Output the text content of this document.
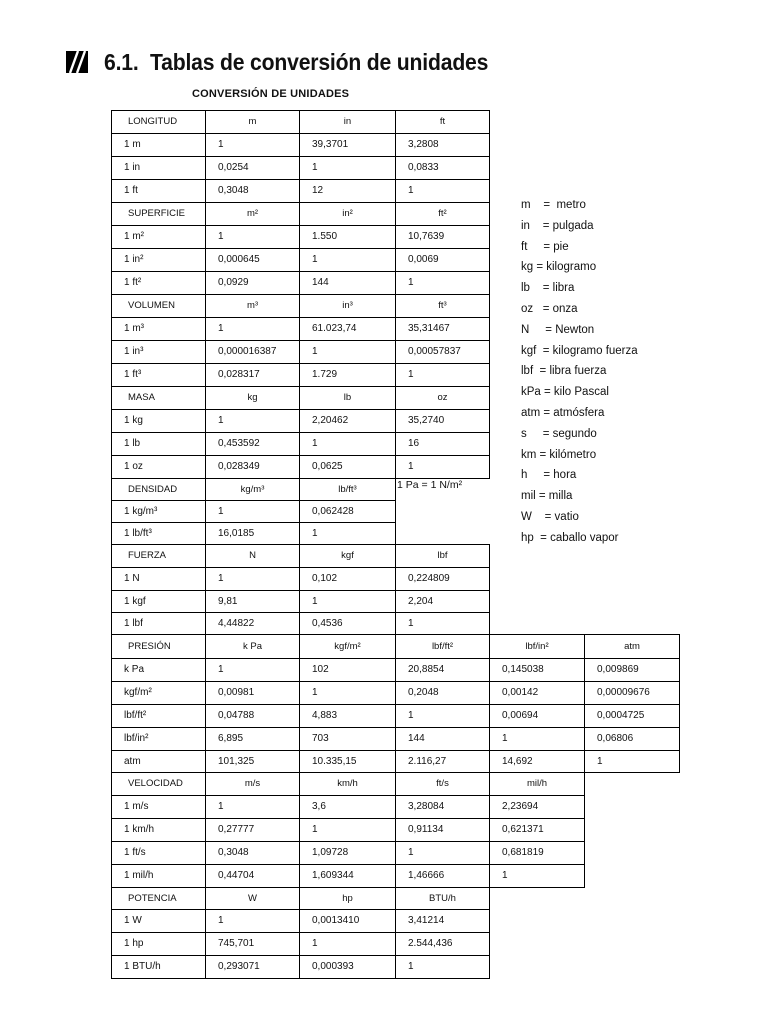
6.1. Tablas de conversión de unidades
CONVERSIÓN DE UNIDADES
LONGITUD	m	in	ft
1 m	1	39,3701	3,2808
1 in	0,0254	1	0,0833
1 ft	0,3048	12	1
SUPERFICIE	m²	in²	ft²
1 m²	1	1.550	10,7639
1 in²	0,000645	1	0,0069
1 ft²	0,0929	144	1
VOLUMEN	m³	in³	ft³
1 m³	1	61.023,74	35,31467
1 in³	0,000016387	1	0,00057837
1 ft³	0,028317	1.729	1
MASA	kg	lb	oz
1 kg	1	2,20462	35,2740
1 lb	0,453592	1	16
1 oz	0,028349	0,0625	1
DENSIDAD	kg/m³	lb/ft³
1 kg/m³	1	0,062428
1 lb/ft³	16,0185	1
FUERZA	N	kgf	lbf
1 N	1	0,102	0,224809
1 kgf	9,81	1	2,204
1 lbf	4,44822	0,4536	1
PRESIÓN	k Pa	kgf/m²	lbf/ft²	lbf/in²	atm
k Pa	1	102	20,8854	0,145038	0,009869
kgf/m²	0,00981	1	0,2048	0,00142	0,00009676
lbf/ft²	0,04788	4,883	1	0,00694	0,0004725
lbf/in²	6,895	703	144	1	0,06806
atm	101,325	10.335,15	2.116,27	14,692	1
VELOCIDAD	m/s	km/h	ft/s	mil/h
1 m/s	1	3,6	3,28084	2,23694
1 km/h	0,27777	1	0,91134	0,621371
1 ft/s	0,3048	1,09728	1	0,681819
1 mil/h	0,44704	1,609344	1,46666	1
POTENCIA	W	hp	BTU/h
1 W	1	0,0013410	3,41214
1 hp	745,701	1	2.544,436
1 BTU/h	0,293071	0,000393	1
1 Pa = 1 N/m²
m    =  metro
in    = pulgada
ft     = pie
kg = kilogramo
lb    = libra
oz   = onza
N     = Newton
kgf  = kilogramo fuerza
lbf  = libra fuerza
kPa = kilo Pascal
atm = atmósfera
s     = segundo
km = kilómetro
h     = hora
mil = milla
W    = vatio
hp  = caballo vapor
